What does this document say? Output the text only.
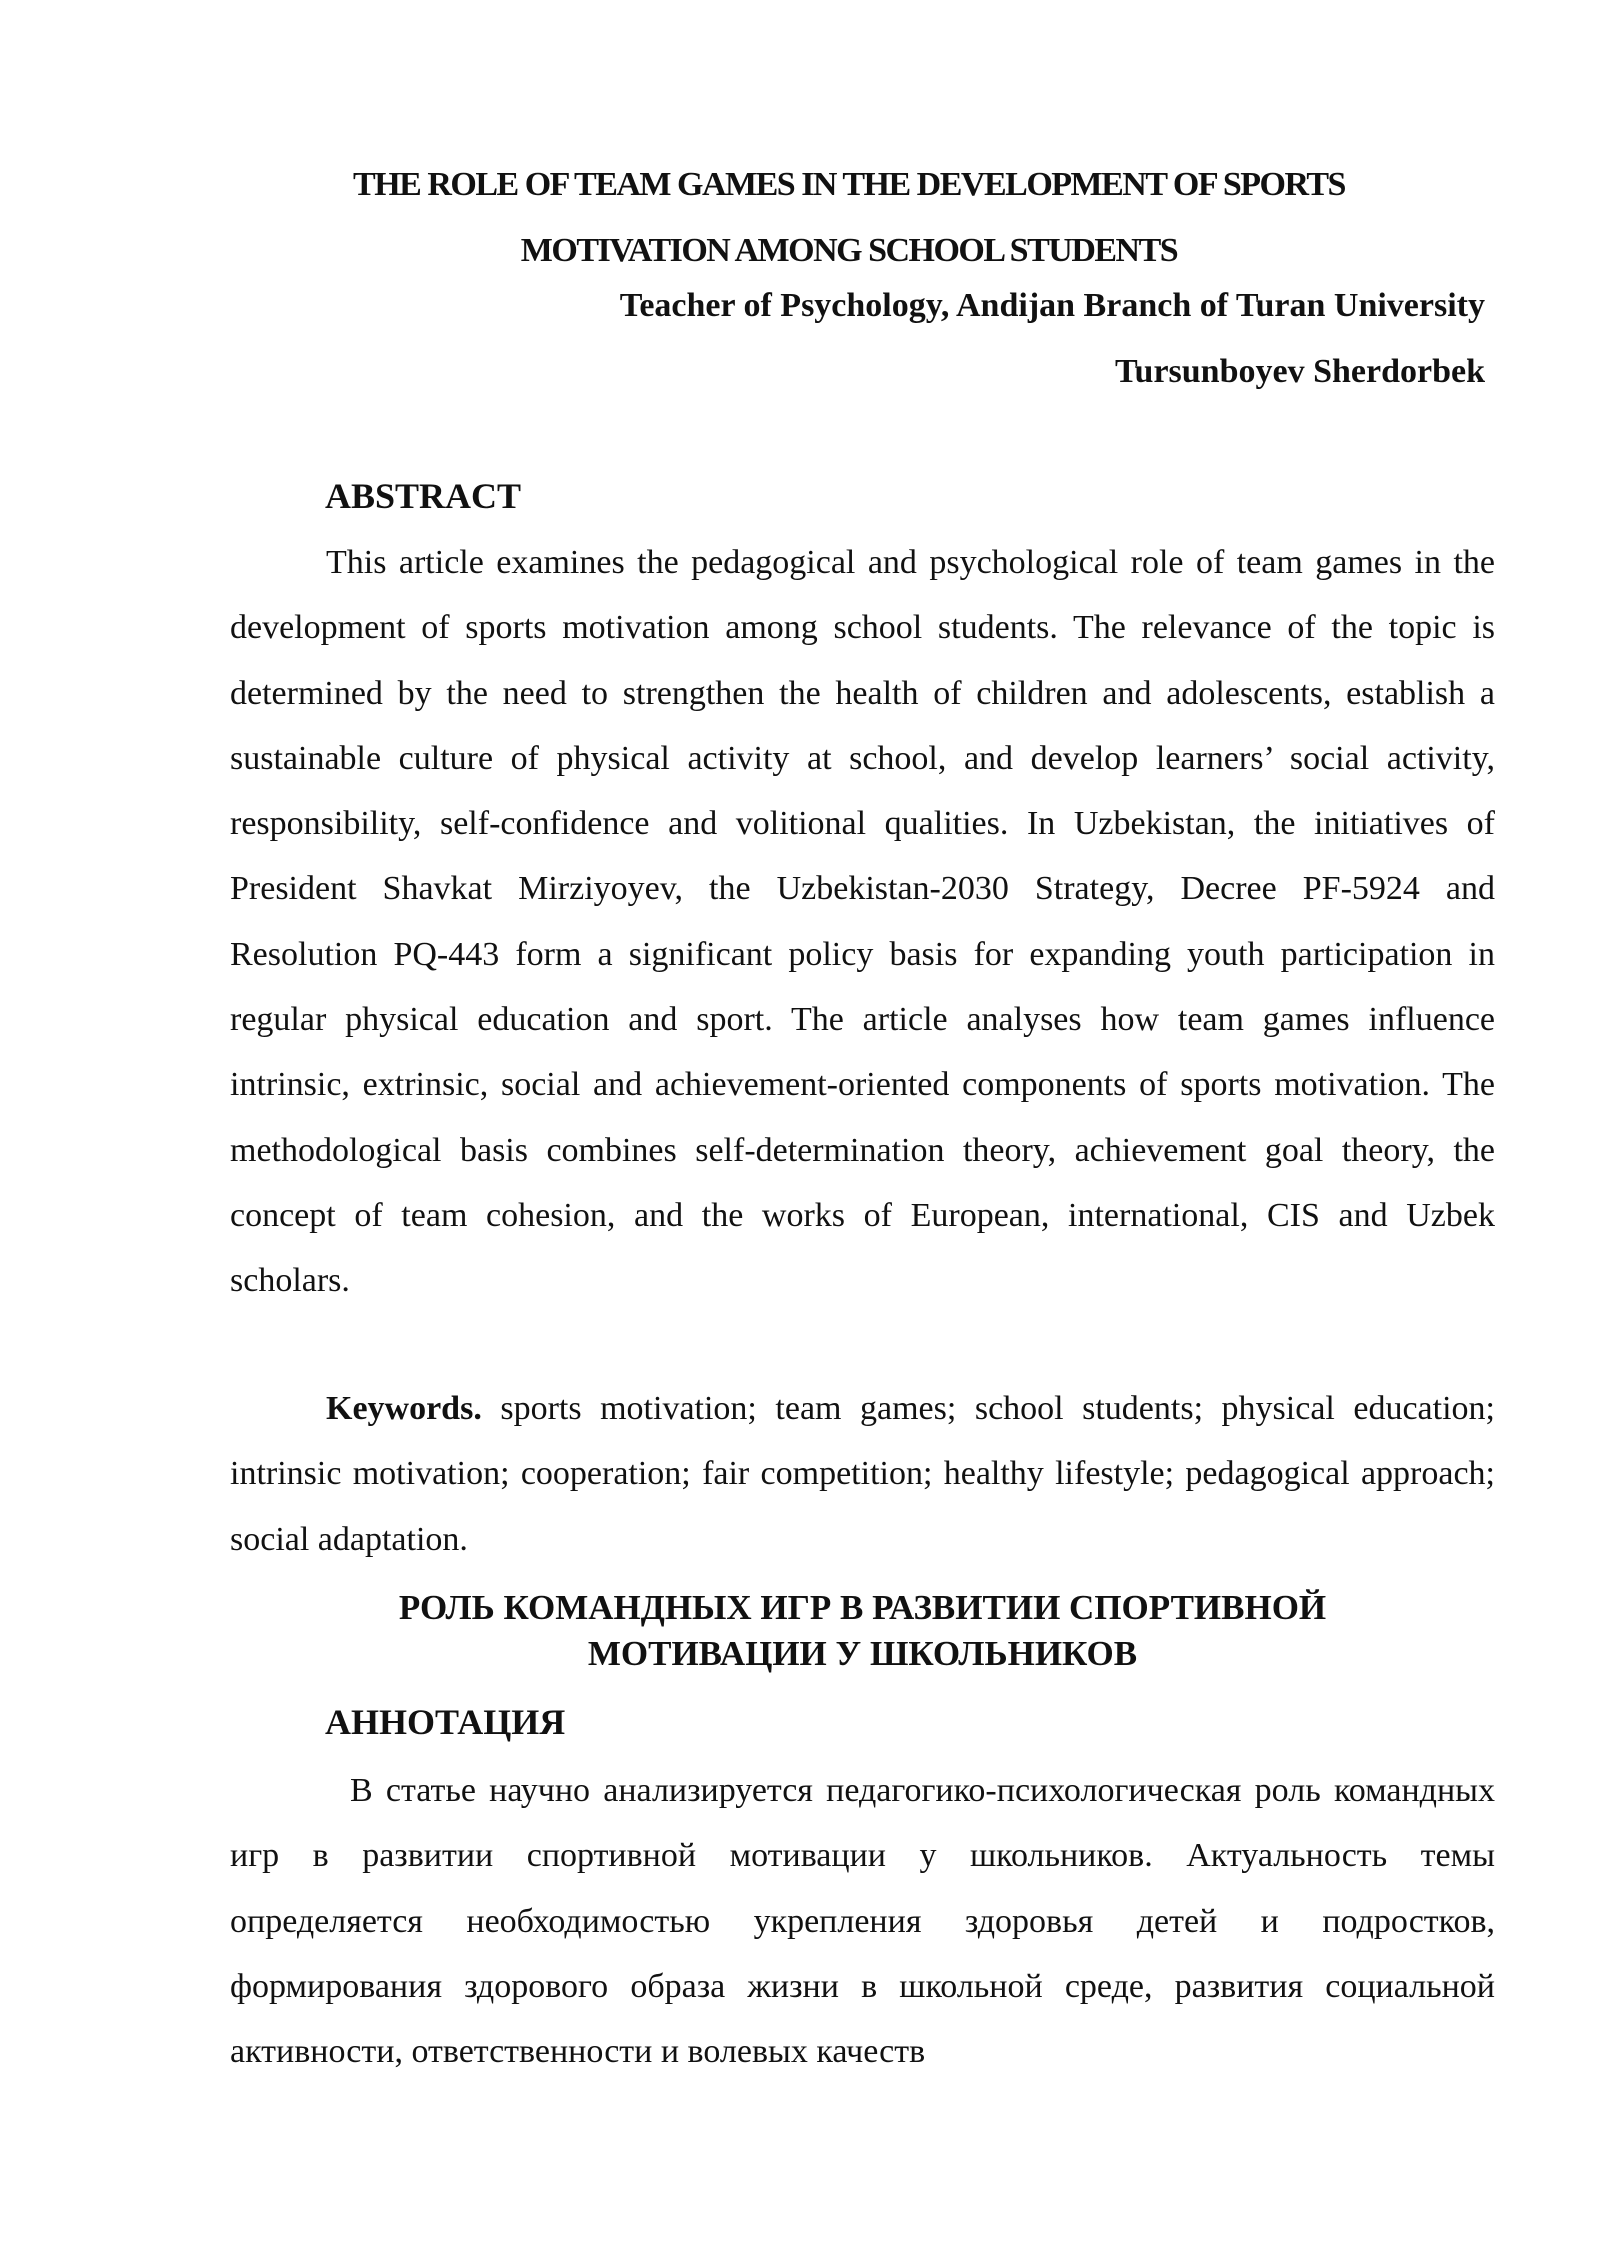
THE ROLE OF TEAM GAMES IN THE DEVELOPMENT OF SPORTS
MOTIVATION AMONG SCHOOL STUDENTS
Teacher of Psychology, Andijan Branch of Turan University
Tursunboyev Sherdorbek
ABSTRACT

This article examines the pedagogical and psychological role of team games in the development of sports motivation among school students. The relevance of the topic is determined by the need to strengthen the health of children and adolescents, establish a sustainable culture of physical activity at school, and develop learners’ social activity, responsibility, self-confidence and volitional qualities. In Uzbekistan, the initiatives of President Shavkat Mirziyoyev, the Uzbekistan-2030 Strategy, Decree PF-5924 and Resolution PQ-443 form a significant policy basis for expanding youth participation in regular physical education and sport. The article analyses how team games influence intrinsic, extrinsic, social and achievement-oriented components of sports motivation. The methodological basis combines self-determination theory, achievement goal theory, the concept of team cohesion, and the works of European, international, CIS and Uzbek scholars.

Keywords. sports motivation; team games; school students; physical education; intrinsic motivation; cooperation; fair competition; healthy lifestyle; pedagogical approach; social adaptation.

РОЛЬ КОМАНДНЫХ ИГР В РАЗВИТИИ СПОРТИВНОЙ
МОТИВАЦИИ У ШКОЛЬНИКОВ
АННОТАЦИЯ

В статье научно анализируется педагогико-психологическая роль командных игр в развитии спортивной мотивации у школьников. Актуальность темы определяется необходимостью укрепления здоровья детей и подростков, формирования здорового образа жизни в школьной среде, развития социальной активности, ответственности и волевых качеств
